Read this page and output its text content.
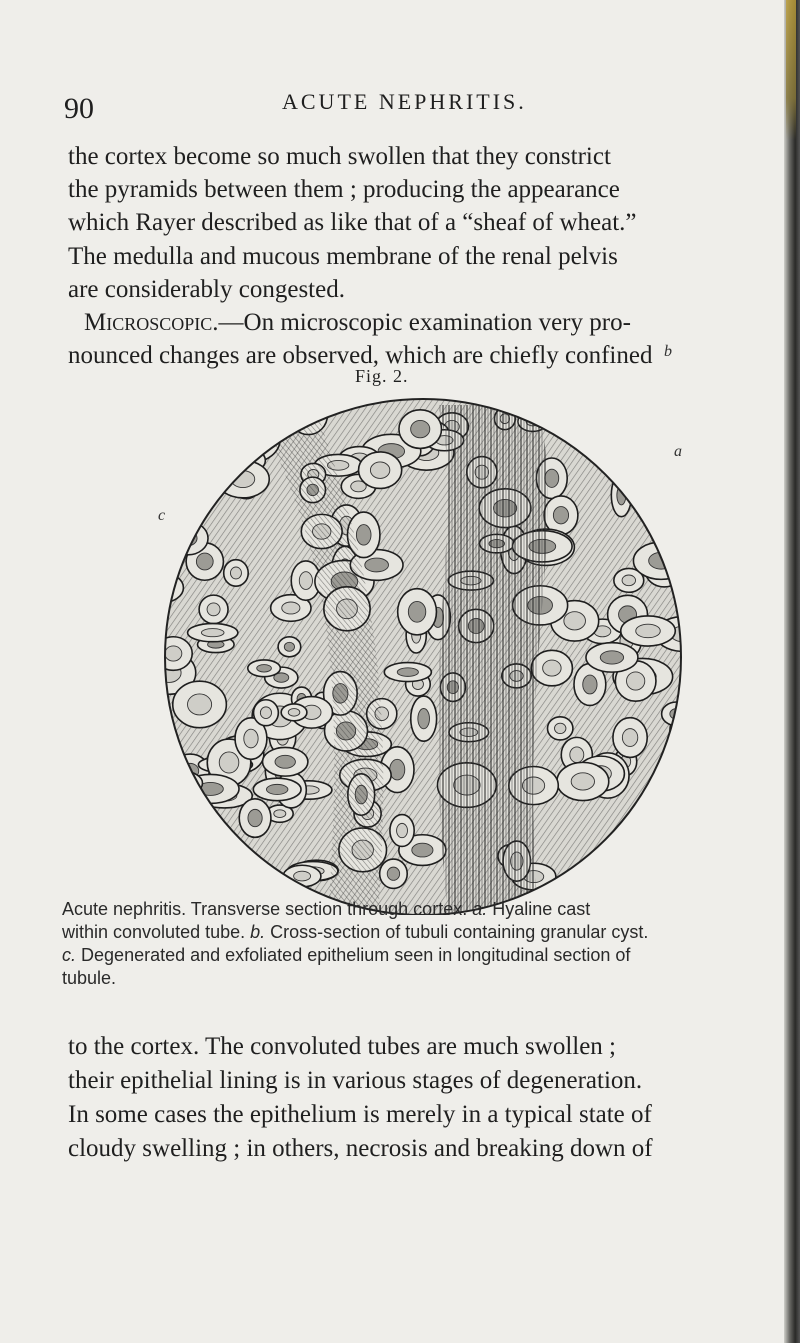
90	ACUTE NEPHRITIS.
the cortex become so much swollen that they constrict
the pyramids between them ; producing the appearance
which Rayer described as like that of a “sheaf of wheat.”
The medulla and mucous membrane of the renal pelvis
are considerably congested.
Microscopic.—On microscopic examination very pro-
nounced changes are observed, which are chiefly confined
Fig. 2.
b
a
c
Acute nephritis. Transverse section through cortex. a. Hyaline cast
within convoluted tube. b. Cross-section of tubuli containing granular cyst.
c. Degenerated and exfoliated epithelium seen in longitudinal section of
tubule.
to the cortex. The convoluted tubes are much swollen ;
their epithelial lining is in various stages of degeneration.
In some cases the epithelium is merely in a typical state of
cloudy swelling ; in others, necrosis and breaking down of
